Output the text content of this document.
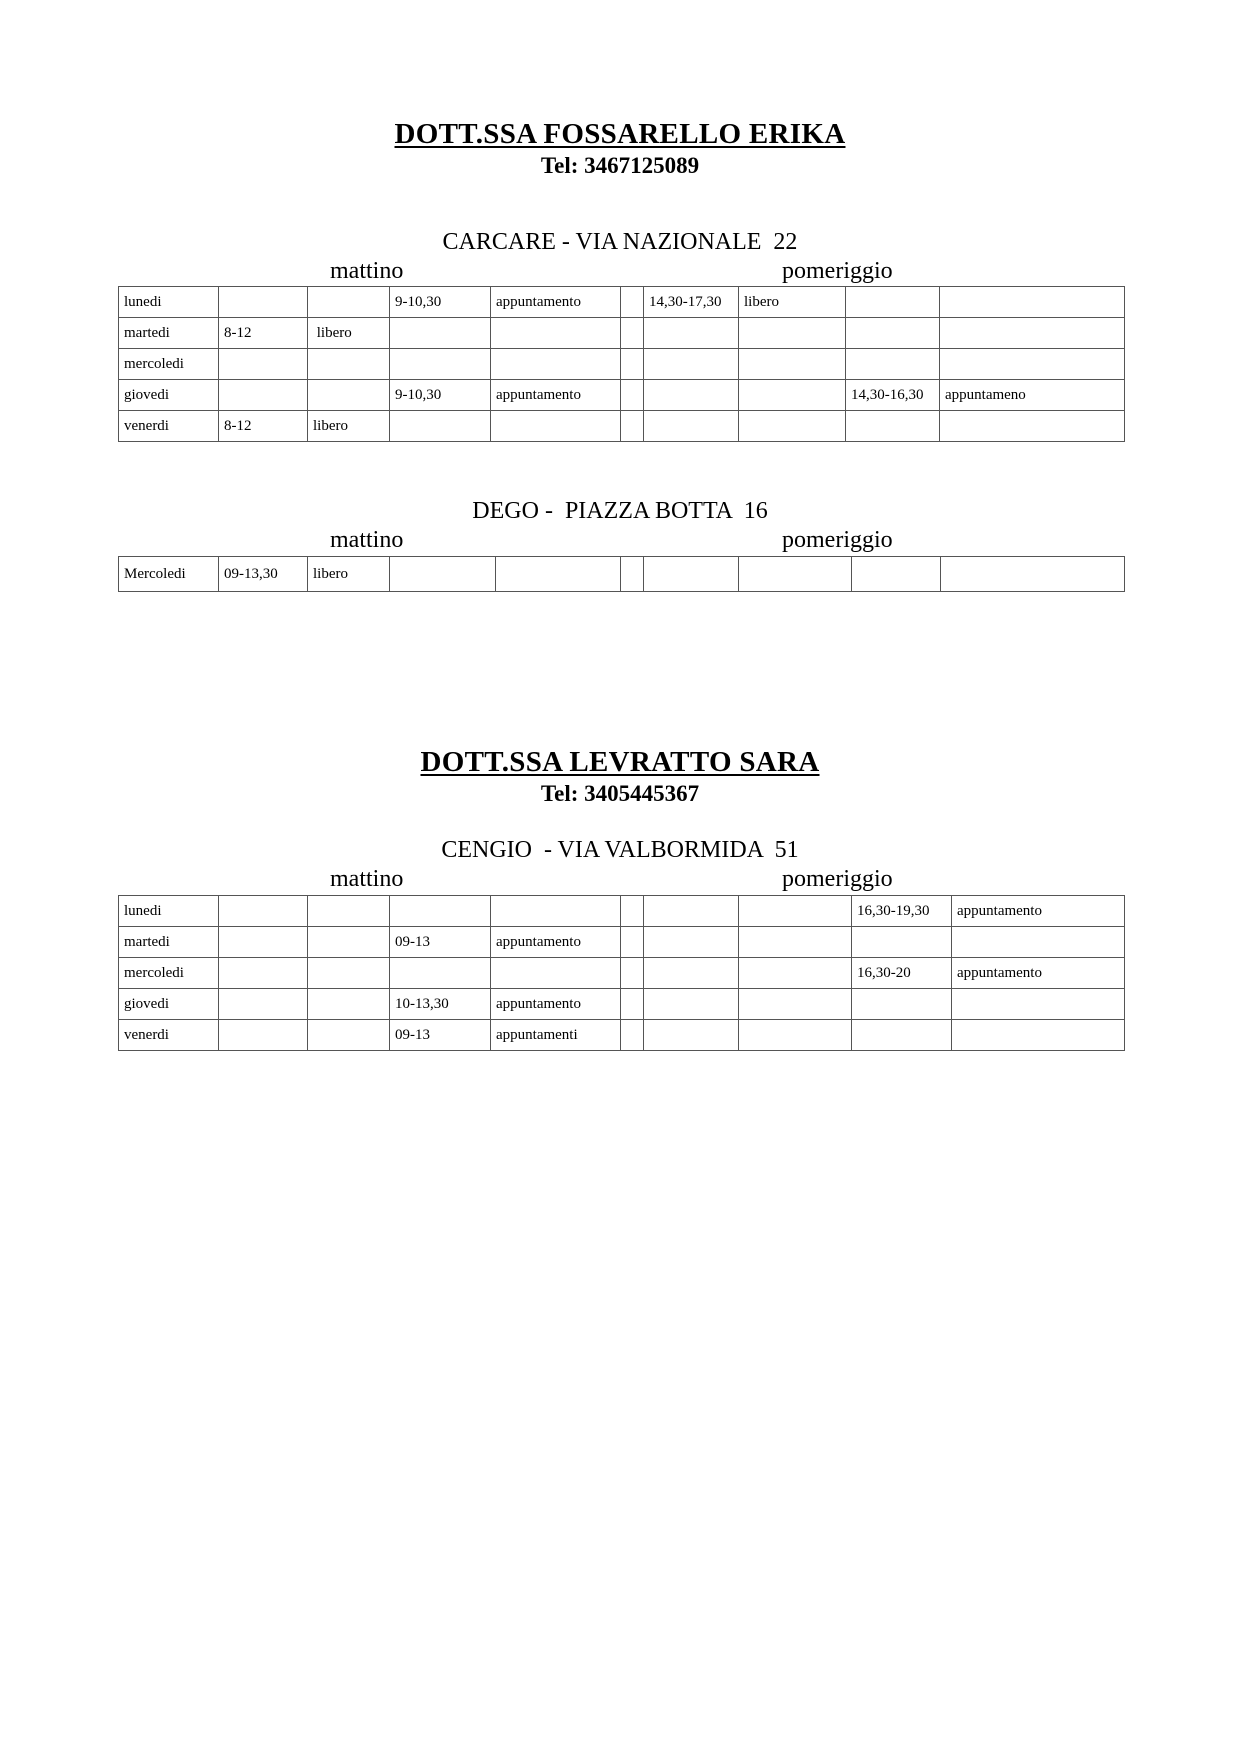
DOTT.SSA FOSSARELLO ERIKA
Tel: 3467125089
CARCARE - VIA NAZIONALE  22
mattino	pomeriggio
lunedi			9-10,30	appuntamento		14,30-17,30	libero		
martedi	8-12	libero							
mercoledi									
giovedi			9-10,30	appuntamento				14,30-16,30	appuntameno
venerdi	8-12	libero							
DEGO -  PIAZZA BOTTA  16
mattino	pomeriggio
Mercoledi	09-13,30	libero							
DOTT.SSA LEVRATTO SARA
Tel: 3405445367
CENGIO  - VIA VALBORMIDA  51
mattino	pomeriggio
lunedi								16,30-19,30	appuntamento
martedi			09-13	appuntamento					
mercoledi								16,30-20	appuntamento
giovedi			10-13,30	appuntamento					
venerdi			09-13	appuntamenti					
